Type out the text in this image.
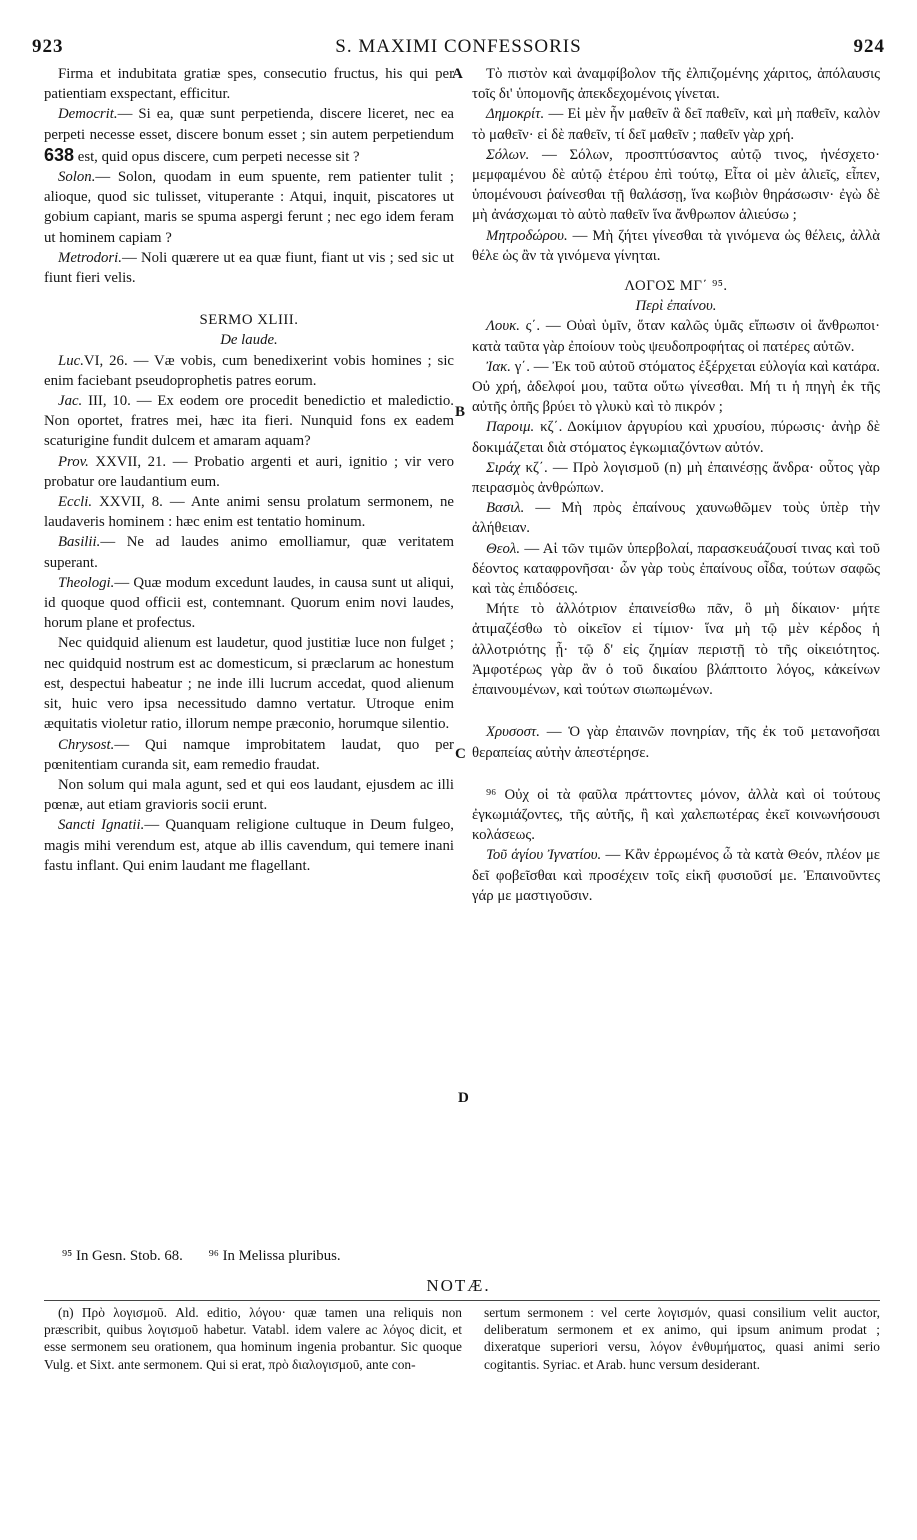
923	S. MAXIMI CONFESSORIS	924
A
B
C
D

Firma et indubitata gratiæ spes, consecutio fructus, his qui per patientiam exspectant, efficitur.

Democrit.— Si ea, quæ sunt perpetienda, discere liceret, nec ea perpeti necesse esset, discere bonum esset ; sin autem perpetiendum 638 est, quid opus discere, cum perpeti necesse sit ?

Solon.— Solon, quodam in eum spuente, rem patienter tulit ; alioque, quod sic tulisset, vituperante : Atqui, inquit, piscatores ut gobium capiant, maris se spuma aspergi ferunt ; nec ego idem feram ut hominem capiam ?

Metrodori.— Noli quærere ut ea quæ fiunt, fiant ut vis ; sed sic ut fiunt fieri velis.

SERMO XLIII.

De laude.

Luc.VI, 26. — Væ vobis, cum benedixerint vobis homines ; sic enim faciebant pseudoprophetis patres eorum.

Jac. III, 10. — Ex eodem ore procedit benedictio et maledictio. Non oportet, fratres mei, hæc ita fieri. Nunquid fons ex eadem scaturigine fundit dulcem et amaram aquam?

Prov. XXVII, 21. — Probatio argenti et auri, ignitio ; vir vero probatur ore laudantium eum.

Eccli. XXVII, 8. — Ante animi sensu prolatum sermonem, ne laudaveris hominem : hæc enim est tentatio hominum.

Basilii.— Ne ad laudes animo emolliamur, quæ veritatem superant.

Theologi.— Quæ modum excedunt laudes, in causa sunt ut aliqui, id quoque quod officii est, contemnant. Quorum enim novi laudes, horum plane et profectus.

Nec quidquid alienum est laudetur, quod justitiæ luce non fulget ; nec quidquid nostrum est ac domesticum, si præclarum ac honestum est, despectui habeatur ; ne inde illi lucrum accedat, quod alienum sit, huic vero ipsa necessitudo damno vertatur. Utroque enim æquitatis violetur ratio, illorum nempe præconio, horumque silentio.

Chrysost.— Qui namque improbitatem laudat, quo per pœnitentiam curanda sit, eam remedio fraudat.

Non solum qui mala agunt, sed et qui eos laudant, ejusdem ac illi pœnæ, aut etiam gravioris socii erunt.

Sancti Ignatii.— Quanquam religione cultuque in Deum fulgeo, magis mihi verendum est, atque ab illis cavendum, qui temere inani fastu inflant. Qui enim laudant me flagellant.

Τὸ πιστὸν καὶ ἀναμφίβολον τῆς ἐλπιζομένης χάριτος, ἀπόλαυσις τοῖς δι' ὑπομονῆς ἀπεκδεχομένοις γίνεται.

Δημοκρίτ. — Εἰ μὲν ἦν μαθεῖν ἃ δεῖ παθεῖν, καὶ μὴ παθεῖν, καλὸν τὸ μαθεῖν· εἰ δὲ παθεῖν, τί δεῖ μαθεῖν ; παθεῖν γὰρ χρή.

Σόλων. — Σόλων, προσπτύσαντος αὐτῷ τινος, ἠνέσχετο· μεμφαμένου δὲ αὐτῷ ἑτέρου ἐπὶ τούτῳ, Εἶτα οἱ μὲν ἁλιεῖς, εἶπεν, ὑπομένουσι ῥαίνεσθαι τῇ θαλάσσῃ, ἵνα κωβιὸν θηράσωσιν· ἐγὼ δὲ μὴ ἀνάσχωμαι τὸ αὐτὸ παθεῖν ἵνα ἄνθρωπον ἁλιεύσω ;

Μητροδώρου. — Μὴ ζήτει γίνεσθαι τὰ γινόμενα ὡς θέλεις, ἀλλὰ θέλε ὡς ἂν τὰ γινόμενα γίνηται.

ΛΟΓΟΣ ΜΓ΄ ⁹⁵.

Περὶ ἐπαίνου.

Λουκ. ς΄. — Οὐαὶ ὑμῖν, ὅταν καλῶς ὑμᾶς εἴπωσιν οἱ ἄνθρωποι· κατὰ ταῦτα γὰρ ἐποίουν τοὺς ψευδοπροφήτας οἱ πατέρες αὐτῶν.

Ἰακ. γ΄. — Ἐκ τοῦ αὐτοῦ στόματος ἐξέρχεται εὐλογία καὶ κατάρα. Οὐ χρή, ἀδελφοί μου, ταῦτα οὕτω γίνεσθαι. Μή τι ἡ πηγὴ ἐκ τῆς αὐτῆς ὀπῆς βρύει τὸ γλυκὺ καὶ τὸ πικρόν ;

Παροιμ. κζ΄. Δοκίμιον ἀργυρίου καὶ χρυσίου, πύρωσις· ἀνὴρ δὲ δοκιμάζεται διὰ στόματος ἐγκωμιαζόντων αὐτόν.

Σιράχ κζ΄. — Πρὸ λογισμοῦ (n) μὴ ἐπαινέσῃς ἄνδρα· οὗτος γὰρ πειρασμὸς ἀνθρώπων.

Βασιλ. — Μὴ πρὸς ἐπαίνους χαυνωθῶμεν τοὺς ὑπὲρ τὴν ἀλήθειαν.

Θεολ. — Αἱ τῶν τιμῶν ὑπερβολαί, παρασκευάζουσί τινας καὶ τοῦ δέοντος καταφρονῆσαι· ὧν γὰρ τοὺς ἐπαίνους οἶδα, τούτων σαφῶς καὶ τὰς ἐπιδόσεις.

Μήτε τὸ ἀλλότριον ἐπαινείσθω πᾶν, ὃ μὴ δίκαιον· μήτε ἀτιμαζέσθω τὸ οἰκεῖον εἰ τίμιον· ἵνα μὴ τῷ μὲν κέρδος ἡ ἀλλοτριότης ᾖ· τῷ δ' εἰς ζημίαν περιστῇ τὸ τῆς οἰκειότητος. Ἀμφοτέρως γὰρ ἂν ὁ τοῦ δικαίου βλάπτοιτο λόγος, κἀκείνων ἐπαινουμένων, καὶ τούτων σιωπωμένων.

Χρυσοστ. — Ὁ γὰρ ἐπαινῶν πονηρίαν, τῆς ἐκ τοῦ μετανοῆσαι θεραπείας αὐτὴν ἀπεστέρησε.

⁹⁶ Οὐχ οἱ τὰ φαῦλα πράττοντες μόνον, ἀλλὰ καὶ οἱ τούτους ἐγκωμιάζοντες, τῆς αὐτῆς, ἢ καὶ χαλεπωτέρας ἐκεῖ κοινωνήσουσι κολάσεως.

Τοῦ ἁγίου Ἰγνατίου. — Κἂν ἐρρωμένος ὦ τὰ κατὰ Θεόν, πλέον με δεῖ φοβεῖσθαι καὶ προσέχειν τοῖς εἰκῆ φυσιοῦσί με. Ἐπαινοῦντες γάρ με μαστιγοῦσιν.

⁹⁵ In Gesn. Stob. 68. ⁹⁶ In Melissa pluribus.
NOTÆ.
(n) Πρὸ λογισμοῦ. Ald. editio, λόγου· quæ tamen una reliquis non præscribit, quibus λογισμοῦ habetur. Vatabl. idem valere ac λόγος dicit, et esse sermonem seu orationem, qua hominum ingenia probantur. Sic quoque Vulg. et Sixt. ante sermonem. Qui si erat, πρὸ διαλογισμοῦ, ante con-
sertum sermonem : vel certe λογισμόν, quasi consilium velit auctor, deliberatum sermonem et ex animo, qui ipsum animum prodat ; dixeratque superiori versu, λόγον ἐνθυμήματος, quasi animi serio cogitantis. Syriac. et Arab. hunc versum desiderant.
